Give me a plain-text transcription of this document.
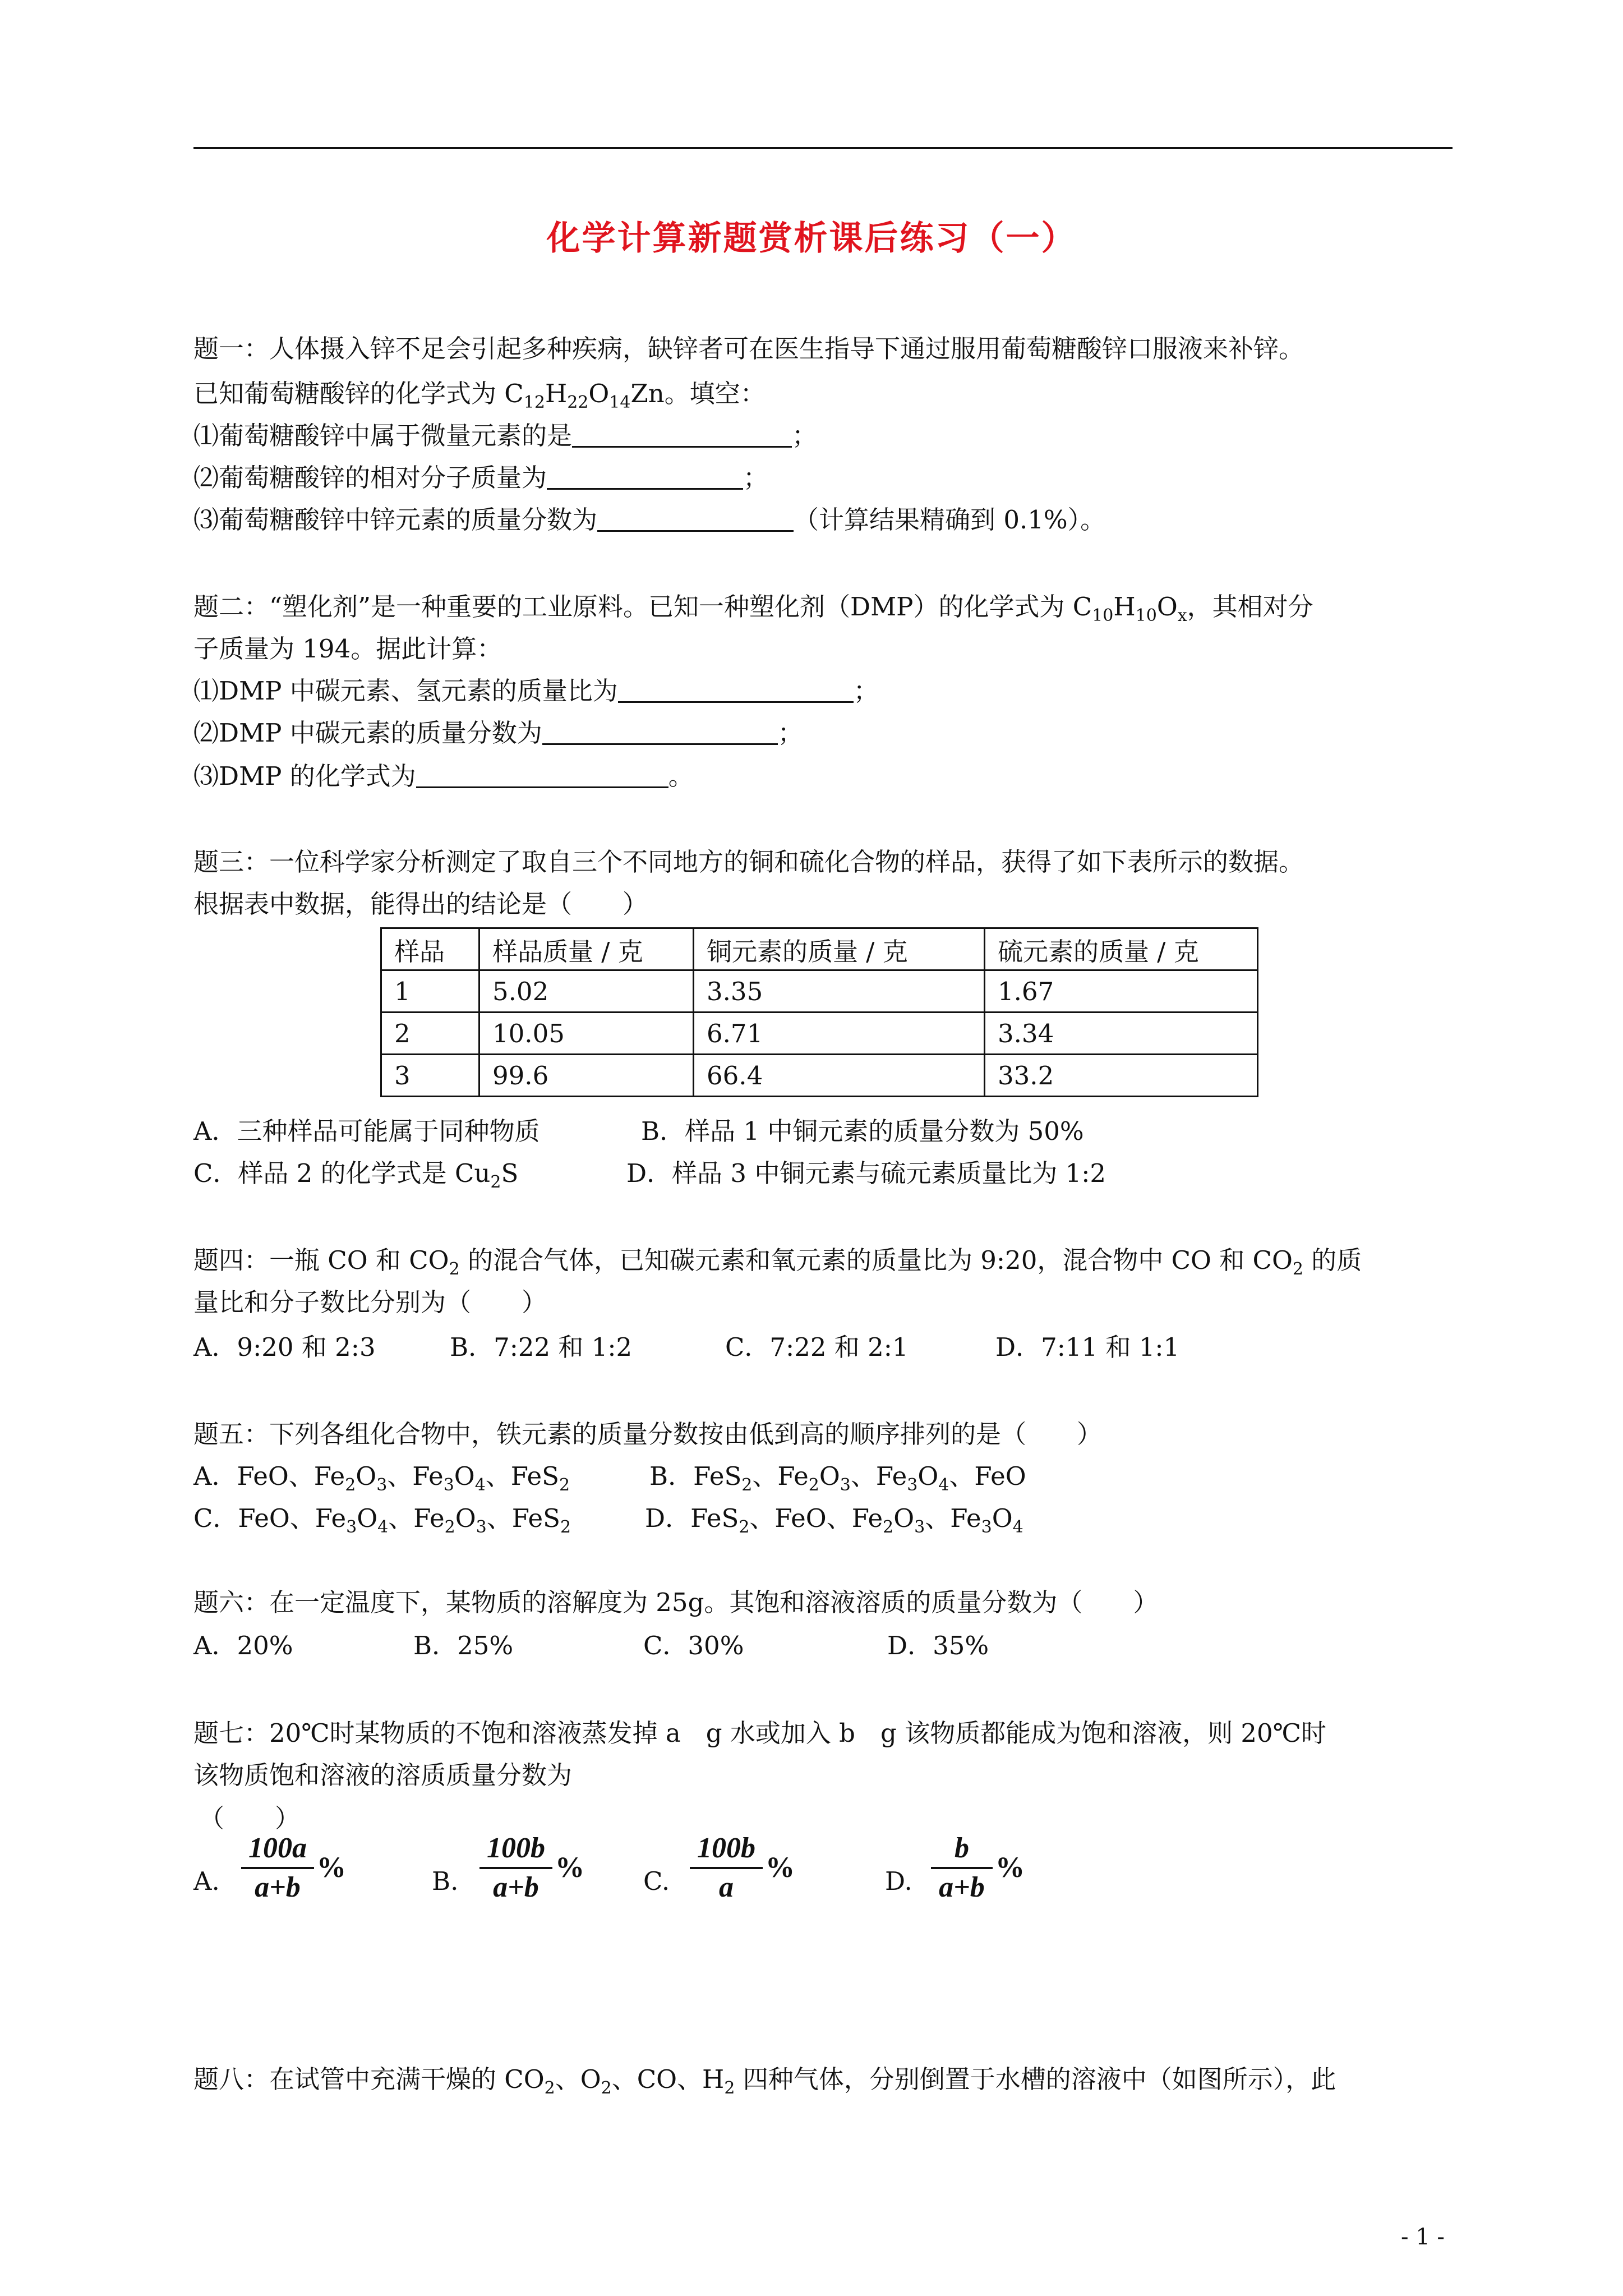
化学计算新题赏析课后练习（一）
题一：人体摄入锌不足会引起多种疾病，缺锌者可在医生指导下通过服用葡萄糖酸锌口服液来补锌。
已知葡萄糖酸锌的化学式为 $C_{12}H_{22}O_{14}Zn$。填空：
⑴葡萄糖酸锌中属于微量元素的是	；
⑵葡萄糖酸锌的相对分子质量为	；
⑶葡萄糖酸锌中锌元素的质量分数为	（计算结果精确到 0.1%）。
题二：“塑化剂”是一种重要的工业原料。已知一种塑化剂（DMP）的化学式为 $C_{10}H_{10}O_x$，其相对分
子质量为 194。据此计算：
⑴DMP 中碳元素、氢元素的质量比为	；
⑵DMP 中碳元素的质量分数为	；
⑶DMP 的化学式为	。
题三：一位科学家分析测定了取自三个不同地方的铜和硫化合物的样品，获得了如下表所示的数据。
根据表中数据，能得出的结论是（　　）
样品	样品质量 / 克	铜元素的质量 / 克	硫元素的质量 / 克
1	5.02	3.35	1.67
2	10.05	6.71	3.34
3	99.6	66.4	33.2
A．三种样品可能属于同种物质	B．样品 1 中铜元素的质量分数为 50%
C．样品 2 的化学式是 $Cu_2S$	D．样品 3 中铜元素与硫元素质量比为 1:2
题四：一瓶 CO 和 $CO_2$ 的混合气体，已知碳元素和氧元素的质量比为 9:20，混合物中 CO 和 $CO_2$ 的质
量比和分子数比分别为（　　）
A．9:20 和 2:3	B．7:22 和 1:2	C．7:22 和 2:1	D．7:11 和 1:1
题五：下列各组化合物中，铁元素的质量分数按由低到高的顺序排列的是（　　）
A．FeO、$Fe_2O_3$、$Fe_3O_4$、FeS$_2$	B．FeS$_2$、$Fe_2O_3$、$Fe_3O_4$、FeO
C．FeO、$Fe_3O_4$、$Fe_2O_3$、FeS$_2$	D．FeS$_2$、FeO、$Fe_2O_3$、$Fe_3O_4$
题六：在一定温度下，某物质的溶解度为 25g。其饱和溶液溶质的质量分数为（　　）
A．20%	B．25%	C．30%	D．35%
题七：20℃时某物质的不饱和溶液蒸发掉 a　g 水或加入 b　g 该物质都能成为饱和溶液，则 20℃时
该物质饱和溶液的溶质质量分数为
（　　）
A.
100a
a+b
%	B.
100b
a+b
% C.
100b
a
%	D.
b
a+b
%
题八：在试管中充满干燥的 $CO_2$、$O_2$、CO、$H_2$ 四种气体，分别倒置于水槽的溶液中（如图所示），此
- 1 -
